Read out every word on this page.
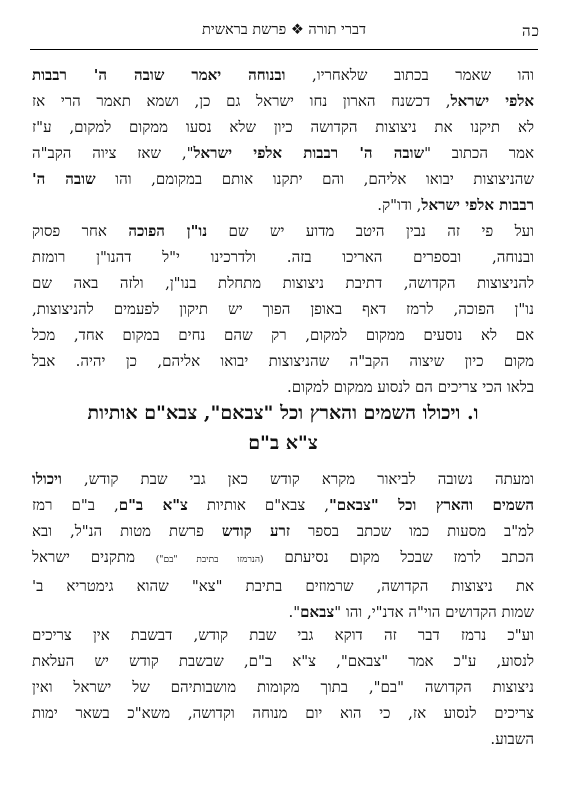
כה
דברי תורה ❖ פרשת בראשית
והו שאמר בכתוב שלאחריו, ובנוחה יאמר שובה ה' רבבות
אלפי ישראל, דכשנח הארון נחו ישראל גם כן, ושמא תאמר הרי אז
לא תיקנו את ניצוצות הקדושה כיון שלא נסעו ממקום למקום, ע"ז
אמר הכתוב "שובה ה' רבבות אלפי ישראל", שאז ציוה הקב"ה
שהניצוצות יבואו אליהם, והם יתקנו אותם במקומם, והו שובה ה'
רבבות אלפי ישראל, ודו"ק.
ועל פי זה נבין היטב מדוע יש שם נו"ן הפוכה אחר פסוק
ובנוחה, ובספרים האריכו בזה. ולדרכינו י"ל דהנו"ן רומזת
להניצוצות הקדושה, דתיבת ניצוצות מתחלת בנו"ן, ולזה באה שם
נו"ן הפוכה, לרמז דאף באופן הפוך יש תיקון לפעמים להניצוצות,
אם לא נוסעים ממקום למקום, רק שהם נחים במקום אחד, מכל
מקום כיון שיצוה הקב"ה שהניצוצות יבואו אליהם, כן יהיה. אבל
בלאו הכי צריכים הם לנסוע ממקום למקום.
ו. ויכולו השמים והארץ וכל "צבאם", צבא"ם אותיות
צ"א ב"ם
ומעתה נשובה לביאור מקרא קודש כאן גבי שבת קודש, ויכולו
השמים והארץ וכל "צבאם", צבא"ם אותיות צ"א ב"ם, ב"ם רמז
למ"ב מסעות כמו שכתב בספר זרע קודש פרשת מטות הנ"ל, ובא
הכתב לרמז שבכל מקום נסיעתם (הנרמזו בתיבת "בם") מתקנים ישראל
את ניצוצות הקדושה, שרמוזים בתיבת "צא" שהוא גימטריא ב'
שמות הקדושים הוי"ה אדנ"י, והו "צבאם".
וע"כ נרמז דבר זה דוקא גבי שבת קודש, דבשבת אין צריכים
לנסוע, ע"כ אמר "צבאם", צ"א ב"ם, שבשבת קודש יש העלאת
ניצוצות הקדושה "בם", בתוך מקומות מושבותיהם של ישראל ואין
צריכים לנסוע אז, כי הוא יום מנוחה וקדושה, משא"כ בשאר ימות
השבוע.
